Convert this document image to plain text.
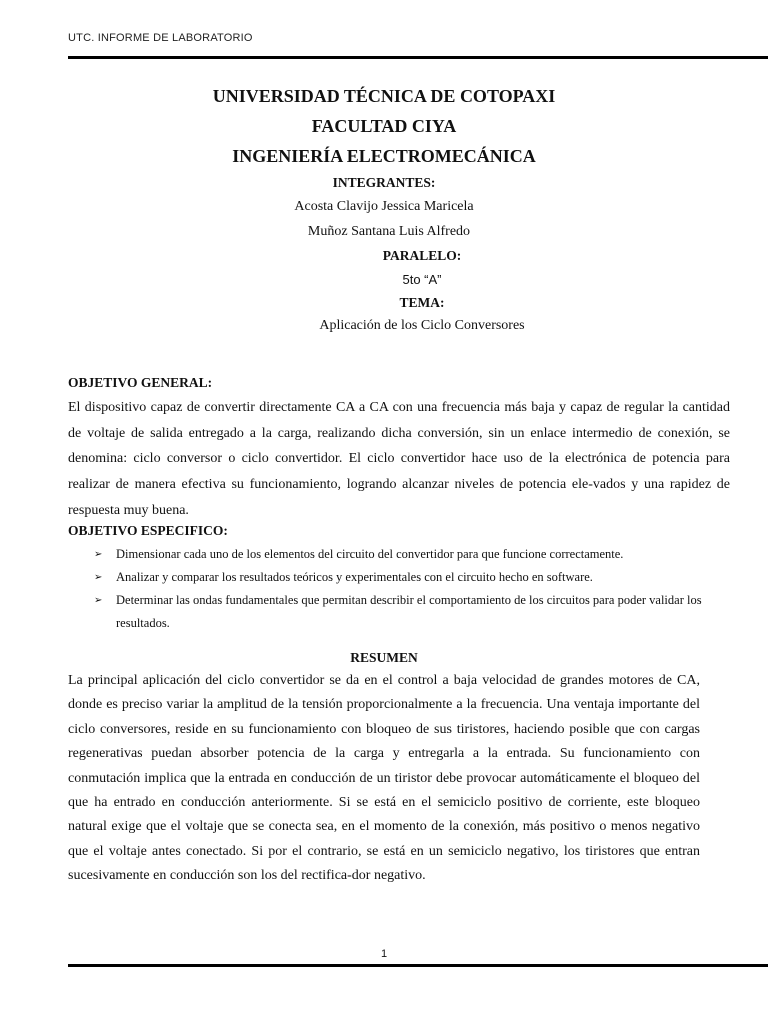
UTC. INFORME DE LABORATORIO
UNIVERSIDAD TÉCNICA DE COTOPAXI
FACULTAD CIYA
INGENIERÍA ELECTROMECÁNICA
INTEGRANTES:
Acosta Clavijo Jessica Maricela
Muñoz Santana Luis Alfredo
PARALELO:
5to “A”
TEMA:
Aplicación de los Ciclo Conversores
OBJETIVO GENERAL:
El dispositivo capaz de convertir directamente CA a CA con una frecuencia más baja y capaz de regular la cantidad de voltaje de salida entregado a la carga, realizando dicha conversión, sin un enlace intermedio de conexión, se denomina: ciclo conversor o ciclo convertidor. El ciclo convertidor hace uso de la electrónica de potencia para realizar de manera efectiva su funcionamiento, logrando alcanzar niveles de potencia ele-vados y una rapidez de respuesta muy buena.
OBJETIVO ESPECIFICO:
➢ Dimensionar cada uno de los elementos del circuito del convertidor para que funcione correctamente.
➢ Analizar y comparar los resultados teóricos y experimentales con el circuito hecho en software.
➢ Determinar las ondas fundamentales que permitan describir el comportamiento de los circuitos para poder validar los resultados.
RESUMEN
La principal aplicación del ciclo convertidor se da en el control a baja velocidad de grandes motores de CA, donde es preciso variar la amplitud de la tensión proporcionalmente a la frecuencia. Una ventaja importante del ciclo conversores, reside en su funcionamiento con bloqueo de sus tiristores, haciendo posible que con cargas regenerativas puedan absorber potencia de la carga y entregarla a la entrada. Su funcionamiento con conmutación implica que la entrada en conducción de un tiristor debe provocar automáticamente el bloqueo del que ha entrado en conducción anteriormente. Si se está en el semiciclo positivo de corriente, este bloqueo natural exige que el voltaje que se conecta sea, en el momento de la conexión, más positivo o menos negativo que el voltaje antes conectado. Si por el contrario, se está en un semiciclo negativo, los tiristores que entran sucesivamente en conducción son los del rectifica-dor negativo.
1
